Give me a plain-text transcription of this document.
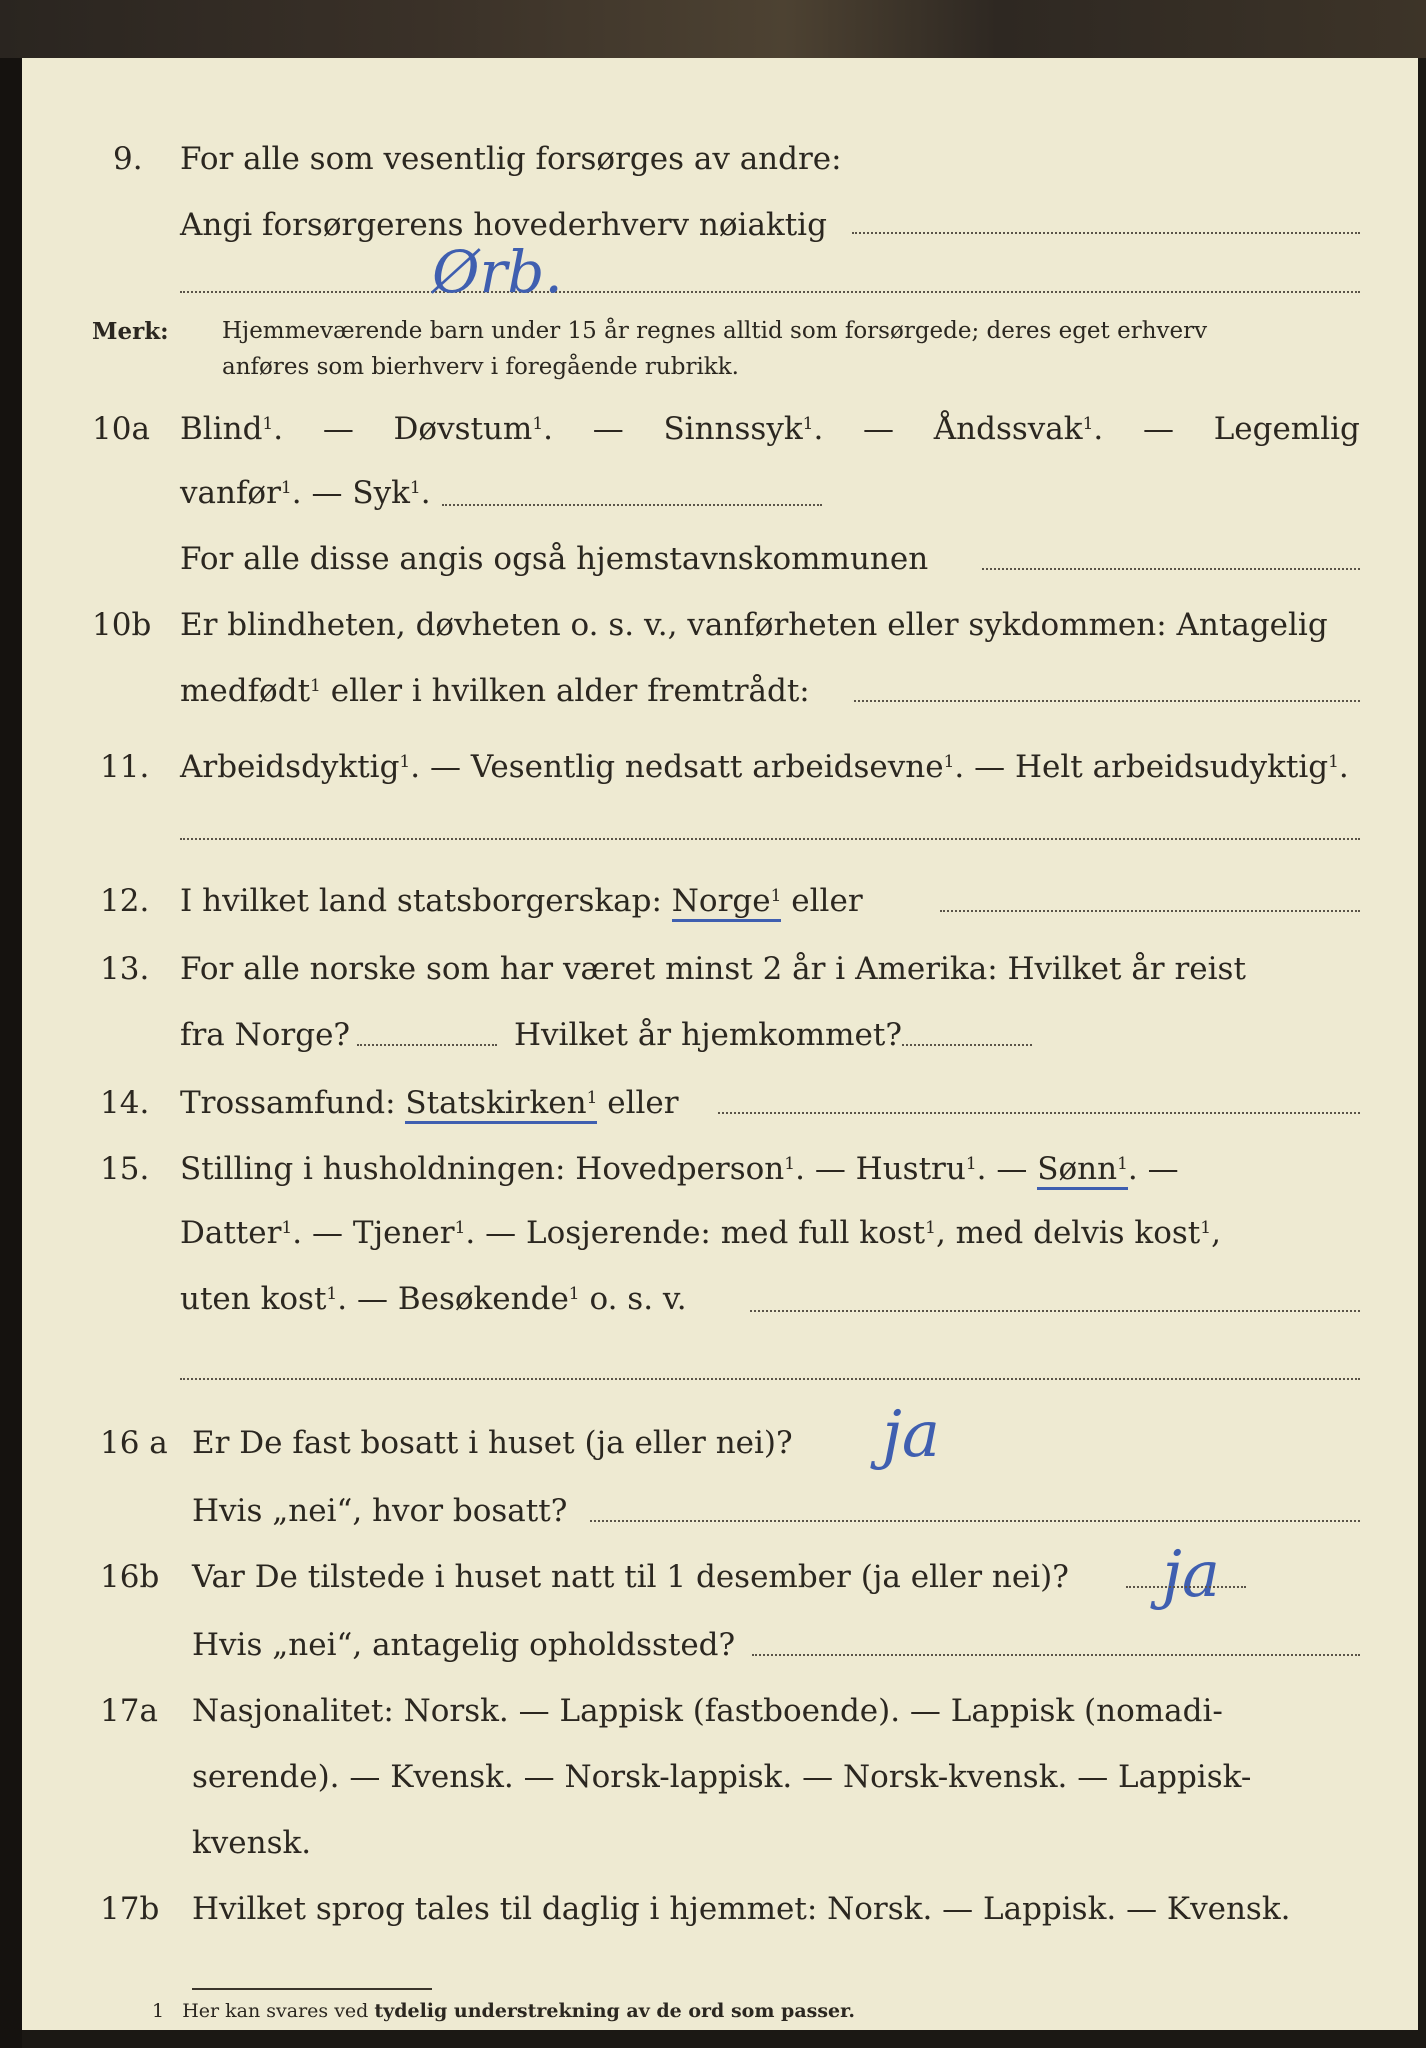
9. For alle som vesentlig forsørges av andre:
Angi forsørgerens hovederhverv nøiaktig
Ørb.
Merk: Hjemmeværende barn under 15 år regnes alltid som forsørgede; deres eget erhverv
anføres som bierhverv i foregående rubrikk.
10a Blind$^1$. — Døvstum$^1$. — Sinnssyk$^1$. — Åndssvak$^1$. — Legemlig
vanfør$^1$. — Syk$^1$.
For alle disse angis også hjemstavnskommunen
10b Er blindheten, døvheten o. s. v., vanførheten eller sykdommen: Antagelig
medfødt$^1$ eller i hvilken alder fremtrådt:
11. Arbeidsdyktig$^1$. — Vesentlig nedsatt arbeidsevne$^1$. — Helt arbeidsudyktig$^1$.
12. I hvilket land statsborgerskap: Norge$^1$ eller
13. For alle norske som har været minst 2 år i Amerika: Hvilket år reist
fra Norge?	Hvilket år hjemkommet?
14. Trossamfund: Statskirken$^1$ eller
15. Stilling i husholdningen: Hovedperson$^1$. — Hustru$^1$. — Sønn$^1$. —
Datter$^1$. — Tjener$^1$. — Losjerende: med full kost$^1$, med delvis kost$^1$,
uten kost$^1$. — Besøkende$^1$ o. s. v.
16 a Er De fast bosatt i huset (ja eller nei)? ja
Hvis „nei“, hvor bosatt?
16b Var De tilstede i huset natt til 1 desember (ja eller nei)? ja
Hvis „nei“, antagelig opholdssted?
17a Nasjonalitet: Norsk. — Lappisk (fastboende). — Lappisk (nomadi-
serende). — Kvensk. — Norsk-lappisk. — Norsk-kvensk. — Lappisk-
kvensk.
17b Hvilket sprog tales til daglig i hjemmet: Norsk. — Lappisk. — Kvensk.
1 Her kan svares ved tydelig understrekning av de ord som passer.
